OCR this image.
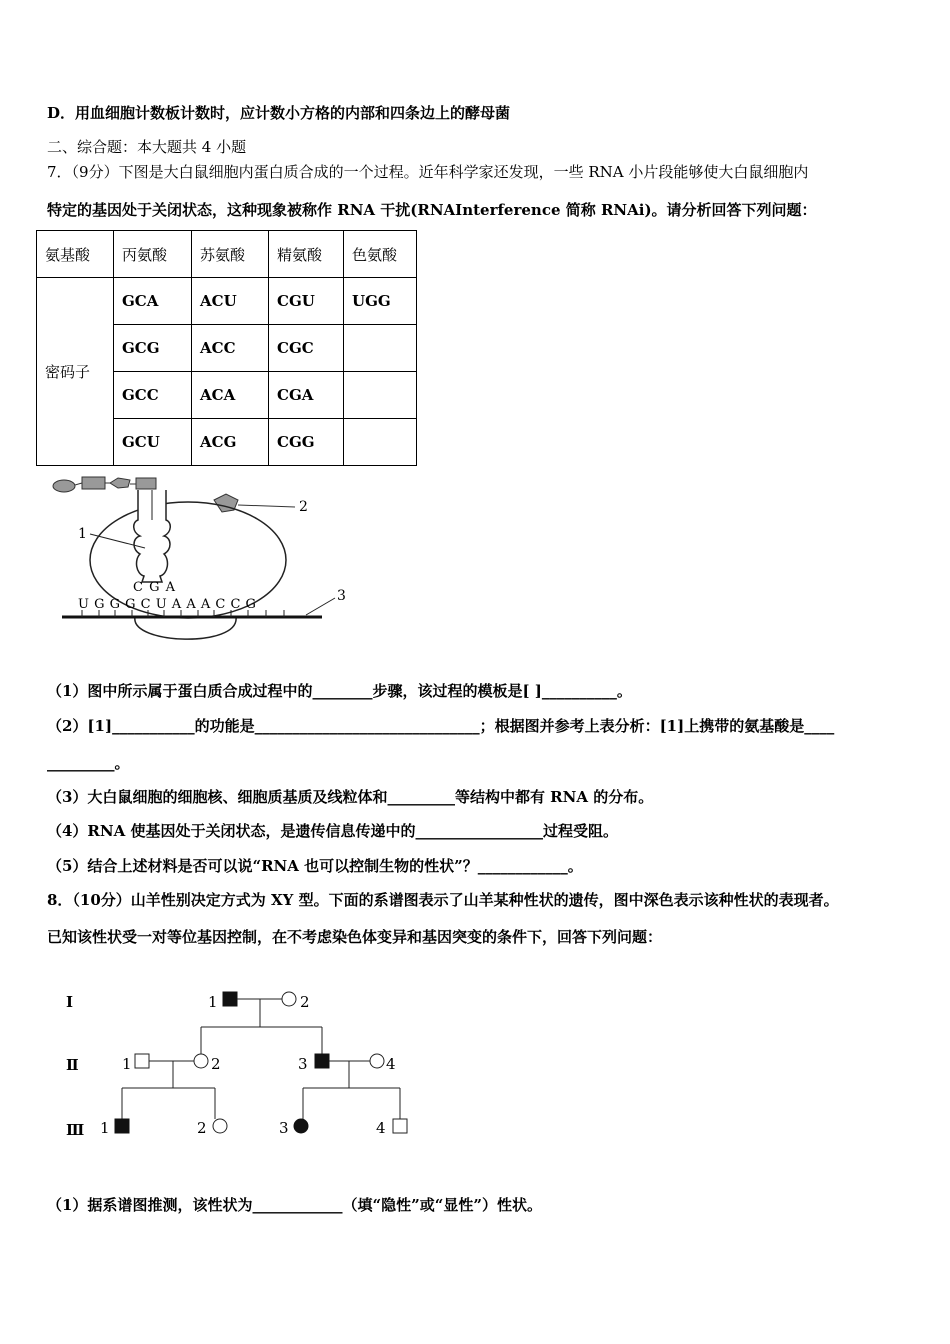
D．用血细胞计数板计数时，应计数小方格的内部和四条边上的酵母菌
二、综合题：本大题共 4 小题
7．（9分）下图是大白鼠细胞内蛋白质合成的一个过程。近年科学家还发现，一些 RNA 小片段能够使大白鼠细胞内
特定的基因处于关闭状态，这种现象被称作 RNA 干扰(RNAInterference 简称 RNAi)。请分析回答下列问题：
氨基酸	丙氨酸	苏氨酸	精氨酸	色氨酸
密码子	GCA	ACU	CGU	UGG
	GCG	ACC	CGC	
	GCC	ACA	CGA	
	GCU	ACG	CGG	
2
1
C G A
U G G G C U A A A C C G
3
（1）图中所示属于蛋白质合成过程中的________步骤，该过程的模板是[ ]__________。
（2）[1]___________的功能是______________________________；根据图并参考上表分析：[1]上携带的氨基酸是____
_________。
（3）大白鼠细胞的细胞核、细胞质基质及线粒体和_________等结构中都有 RNA 的分布。
（4）RNA 使基因处于关闭状态，是遗传信息传递中的_________________过程受阻。
（5）结合上述材料是否可以说“RNA 也可以控制生物的性状”？____________。
8．（10分）山羊性别决定方式为 XY 型。下面的系谱图表示了山羊某种性状的遗传，图中深色表示该种性状的表现者。
已知该性状受一对等位基因控制，在不考虑染色体变异和基因突变的条件下，回答下列问题：
Ⅰ
Ⅱ
Ⅲ
1	2
1	2	3	4
1	2	3	4
（1）据系谱图推测，该性状为____________（填“隐性”或“显性”）性状。
